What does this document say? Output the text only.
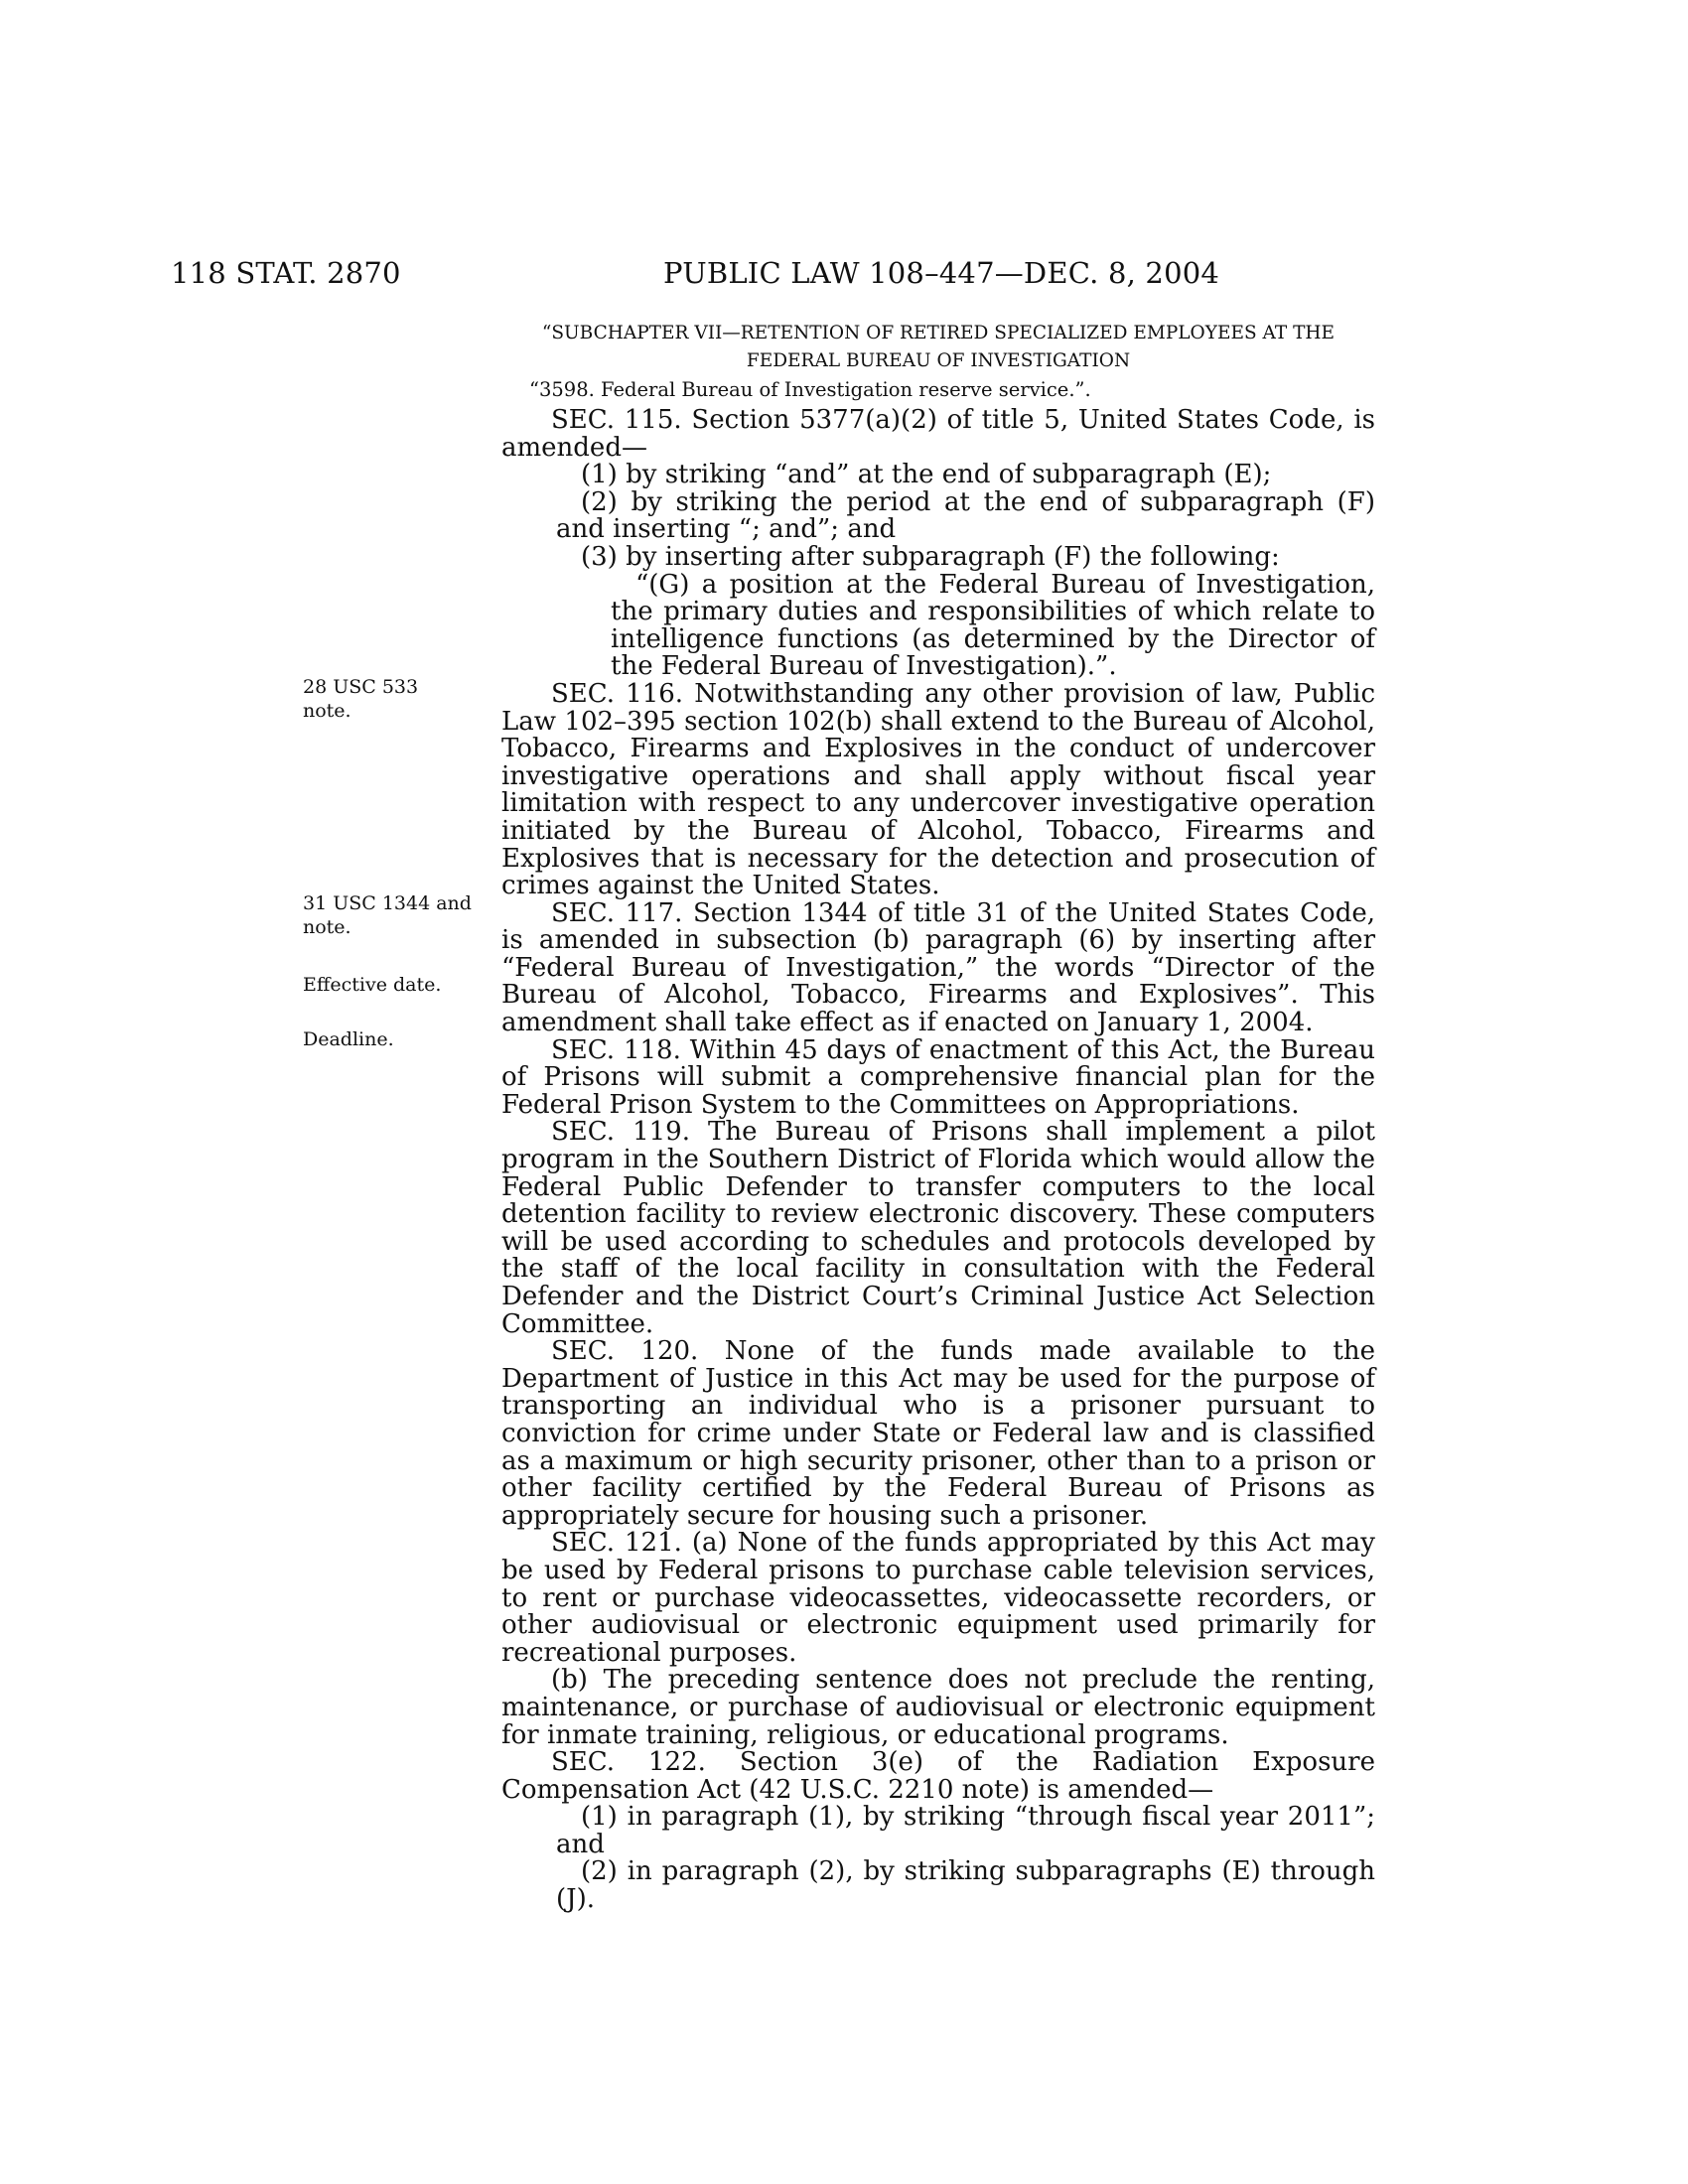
118 STAT. 2870	PUBLIC LAW 108–447—DEC. 8, 2004
“SUBCHAPTER VII—RETENTION OF RETIRED SPECIALIZED EMPLOYEES AT THE
FEDERAL BUREAU OF INVESTIGATION
“3598. Federal Bureau of Investigation reserve service.”.
28 USC 533 note.
31 USC 1344 and note.
Effective date.
Deadline.

SEC. 115. Section 5377(a)(2) of title 5, United States Code, is amended—

(1) by striking “and” at the end of subparagraph (E);

(2) by striking the period at the end of subparagraph (F) and inserting “; and”; and

(3) by inserting after subparagraph (F) the following:

“(G) a position at the Federal Bureau of Investigation, the primary duties and responsibilities of which relate to intelligence functions (as determined by the Director of the Federal Bureau of Investigation).”.

SEC. 116. Notwithstanding any other provision of law, Public Law 102–395 section 102(b) shall extend to the Bureau of Alcohol, Tobacco, Firearms and Explosives in the conduct of undercover investigative operations and shall apply without fiscal year limitation with respect to any undercover investigative operation initiated by the Bureau of Alcohol, Tobacco, Firearms and Explosives that is necessary for the detection and prosecution of crimes against the United States.

SEC. 117. Section 1344 of title 31 of the United States Code, is amended in subsection (b) paragraph (6) by inserting after “Federal Bureau of Investigation,” the words “Director of the Bureau of Alcohol, Tobacco, Firearms and Explosives”. This amendment shall take effect as if enacted on January 1, 2004.

SEC. 118. Within 45 days of enactment of this Act, the Bureau of Prisons will submit a comprehensive financial plan for the Federal Prison System to the Committees on Appropriations.

SEC. 119. The Bureau of Prisons shall implement a pilot program in the Southern District of Florida which would allow the Federal Public Defender to transfer computers to the local detention facility to review electronic discovery. These computers will be used according to schedules and protocols developed by the staff of the local facility in consultation with the Federal Defender and the District Court’s Criminal Justice Act Selection Committee.

SEC. 120. None of the funds made available to the Department of Justice in this Act may be used for the purpose of transporting an individual who is a prisoner pursuant to conviction for crime under State or Federal law and is classified as a maximum or high security prisoner, other than to a prison or other facility certified by the Federal Bureau of Prisons as appropriately secure for housing such a prisoner.

SEC. 121. (a) None of the funds appropriated by this Act may be used by Federal prisons to purchase cable television services, to rent or purchase videocassettes, videocassette recorders, or other audiovisual or electronic equipment used primarily for recreational purposes.

(b) The preceding sentence does not preclude the renting, maintenance, or purchase of audiovisual or electronic equipment for inmate training, religious, or educational programs.

SEC. 122. Section 3(e) of the Radiation Exposure Compensation Act (42 U.S.C. 2210 note) is amended—

(1) in paragraph (1), by striking “through fiscal year 2011”; and

(2) in paragraph (2), by striking subparagraphs (E) through (J).
